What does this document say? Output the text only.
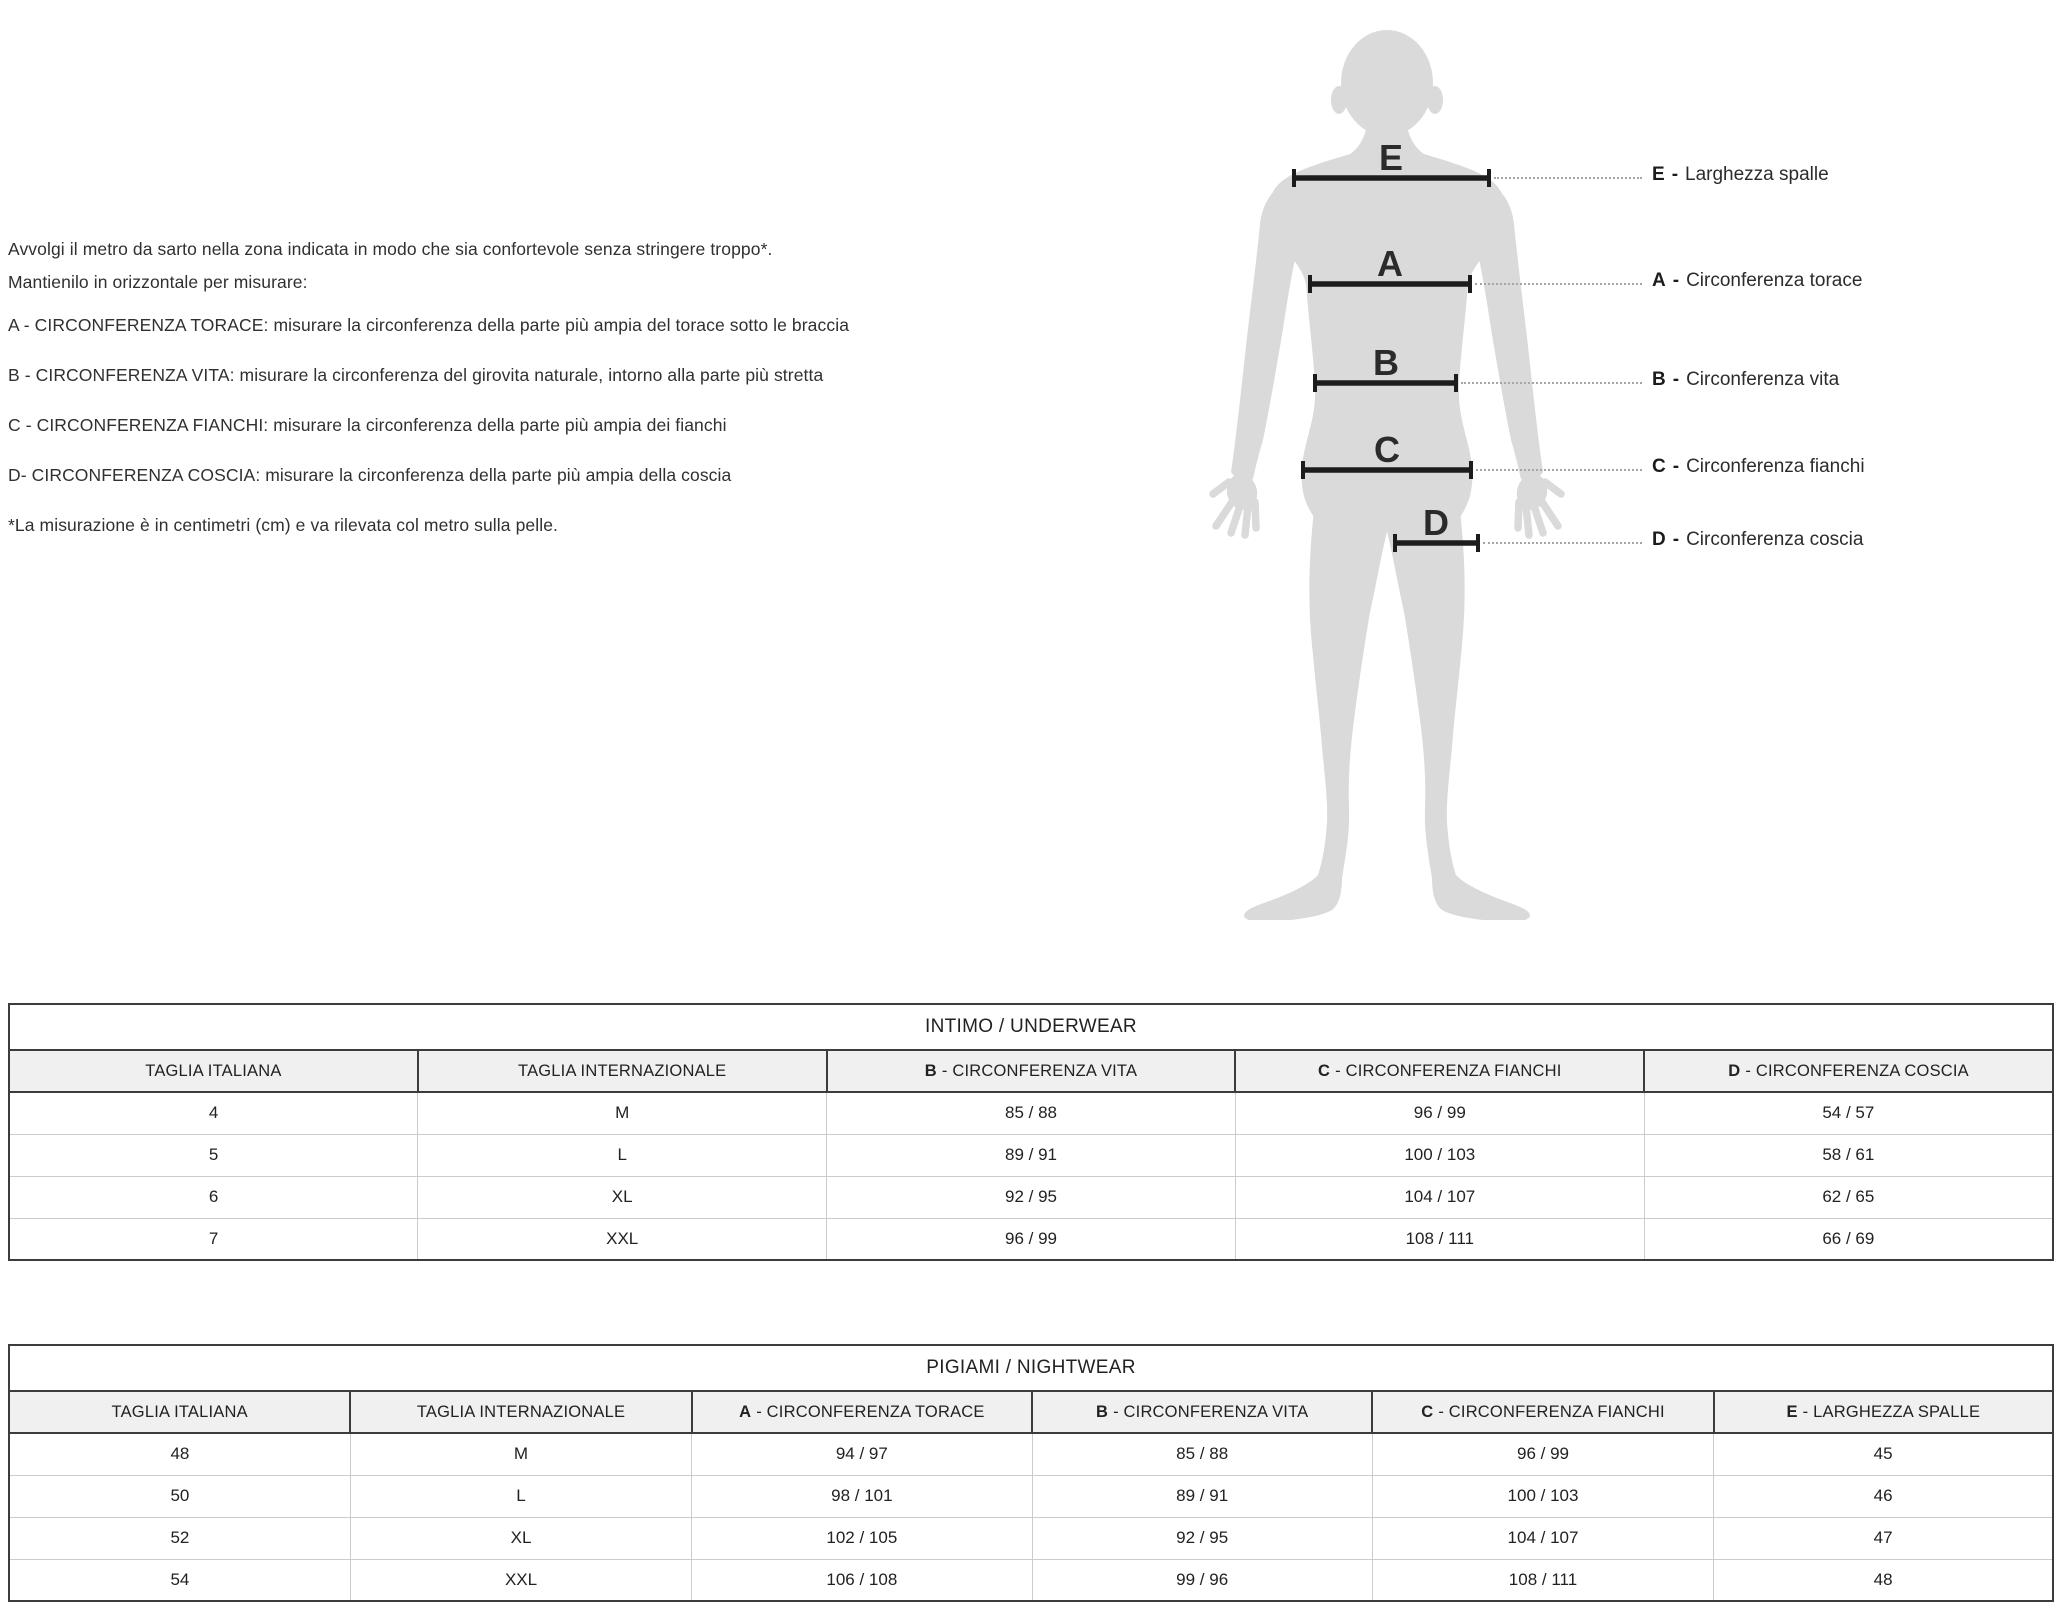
Avvolgi il metro da sarto nella zona indicata in modo che sia confortevole senza stringere troppo*.
Mantienilo in orizzontale per misurare:

A - CIRCONFERENZA TORACE: misurare la circonferenza della parte più ampia del torace sotto le braccia

B - CIRCONFERENZA VITA: misurare la circonferenza del girovita naturale, intorno alla parte più stretta

C - CIRCONFERENZA FIANCHI: misurare la circonferenza della parte più ampia dei fianchi

D- CIRCONFERENZA COSCIA: misurare la circonferenza della parte più ampia della coscia

*La misurazione è in centimetri (cm) e va rilevata col metro sulla pelle.

E
A
B
C
D
E - Larghezza spalle
A - Circonferenza torace
B - Circonferenza vita
C - Circonferenza fianchi
D - Circonferenza coscia
INTIMO / UNDERWEAR				
TAGLIA ITALIANA	TAGLIA INTERNAZIONALE	B - CIRCONFERENZA VITA	C - CIRCONFERENZA FIANCHI	D - CIRCONFERENZA COSCIA
4	M	85 / 88	96 / 99	54 / 57
5	L	89 / 91	100 / 103	58 / 61
6	XL	92 / 95	104 / 107	62 / 65
7	XXL	96 / 99	108 / 111	66 / 69
PIGIAMI / NIGHTWEAR					
TAGLIA ITALIANA	TAGLIA INTERNAZIONALE	A - CIRCONFERENZA TORACE	B - CIRCONFERENZA VITA	C - CIRCONFERENZA FIANCHI	E - LARGHEZZA SPALLE
48	M	94 / 97	85 / 88	96 / 99	45
50	L	98 / 101	89 / 91	100 / 103	46
52	XL	102 / 105	92 / 95	104 / 107	47
54	XXL	106 / 108	99 / 96	108 / 111	48
